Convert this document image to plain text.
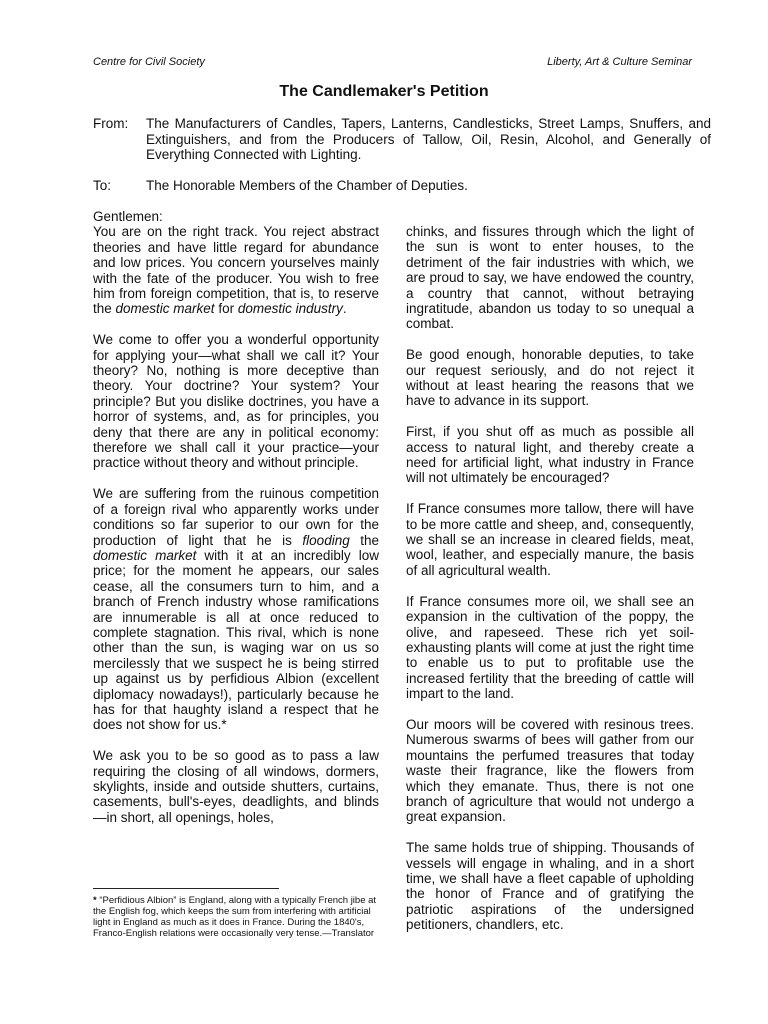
Centre for Civil Society	Liberty, Art & Culture Seminar
The Candlemaker's Petition
From: The Manufacturers of Candles, Tapers, Lanterns, Candlesticks, Street Lamps, Snuffers, and Extinguishers, and from the Producers of Tallow, Oil, Resin, Alcohol, and Generally of Everything Connected with Lighting.
To:	The Honorable Members of the Chamber of Deputies.
Gentlemen:

You are on the right track. You reject abstract theories and have little regard for abundance and low prices. You concern yourselves mainly with the fate of the producer. You wish to free him from foreign competition, that is, to reserve the domestic market for domestic industry.

We come to offer you a wonderful opportunity for applying your—what shall we call it? Your theory? No, nothing is more deceptive than theory. Your doctrine? Your system? Your principle? But you dislike doctrines, you have a horror of systems, and, as for principles, you deny that there are any in political economy: therefore we shall call it your practice—your practice without theory and without principle.

We are suffering from the ruinous competition of a foreign rival who apparently works under conditions so far superior to our own for the production of light that he is flooding the domestic market with it at an incredibly low price; for the moment he appears, our sales cease, all the consumers turn to him, and a branch of French industry whose ramifications are innumerable is all at once reduced to complete stagnation. This rival, which is none other than the sun, is waging war on us so mercilessly that we suspect he is being stirred up against us by perfidious Albion (excellent diplomacy nowadays!), particularly because he has for that haughty island a respect that he does not show for us.*

We ask you to be so good as to pass a law requiring the closing of all windows, dormers, skylights, inside and outside shutters, curtains, casements, bull's-eyes, deadlights, and blinds—in short, all openings, holes,

chinks, and fissures through which the light of the sun is wont to enter houses, to the detriment of the fair industries with which, we are proud to say, we have endowed the country, a country that cannot, without betraying ingratitude, abandon us today to so unequal a combat.

Be good enough, honorable deputies, to take our request seriously, and do not reject it without at least hearing the reasons that we have to advance in its support.

First, if you shut off as much as possible all access to natural light, and thereby create a need for artificial light, what industry in France will not ultimately be encouraged?

If France consumes more tallow, there will have to be more cattle and sheep, and, consequently, we shall se an increase in cleared fields, meat, wool, leather, and especially manure, the basis of all agricultural wealth.

If France consumes more oil, we shall see an expansion in the cultivation of the poppy, the olive, and rapeseed. These rich yet soil-exhausting plants will come at just the right time to enable us to put to profitable use the increased fertility that the breeding of cattle will impart to the land.

Our moors will be covered with resinous trees. Numerous swarms of bees will gather from our mountains the perfumed treasures that today waste their fragrance, like the flowers from which they emanate. Thus, there is not one branch of agriculture that would not undergo a great expansion.

The same holds true of shipping. Thousands of vessels will engage in whaling, and in a short time, we shall have a fleet capable of upholding the honor of France and of gratifying the patriotic aspirations of the undersigned petitioners, chandlers, etc.

* “Perfidious Albion” is England, along with a typically French jibe at the English fog, which keeps the sum from interfering with artificial light in England as much as it does in France. During the 1840's, Franco-English relations were occasionally very tense.—Translator
